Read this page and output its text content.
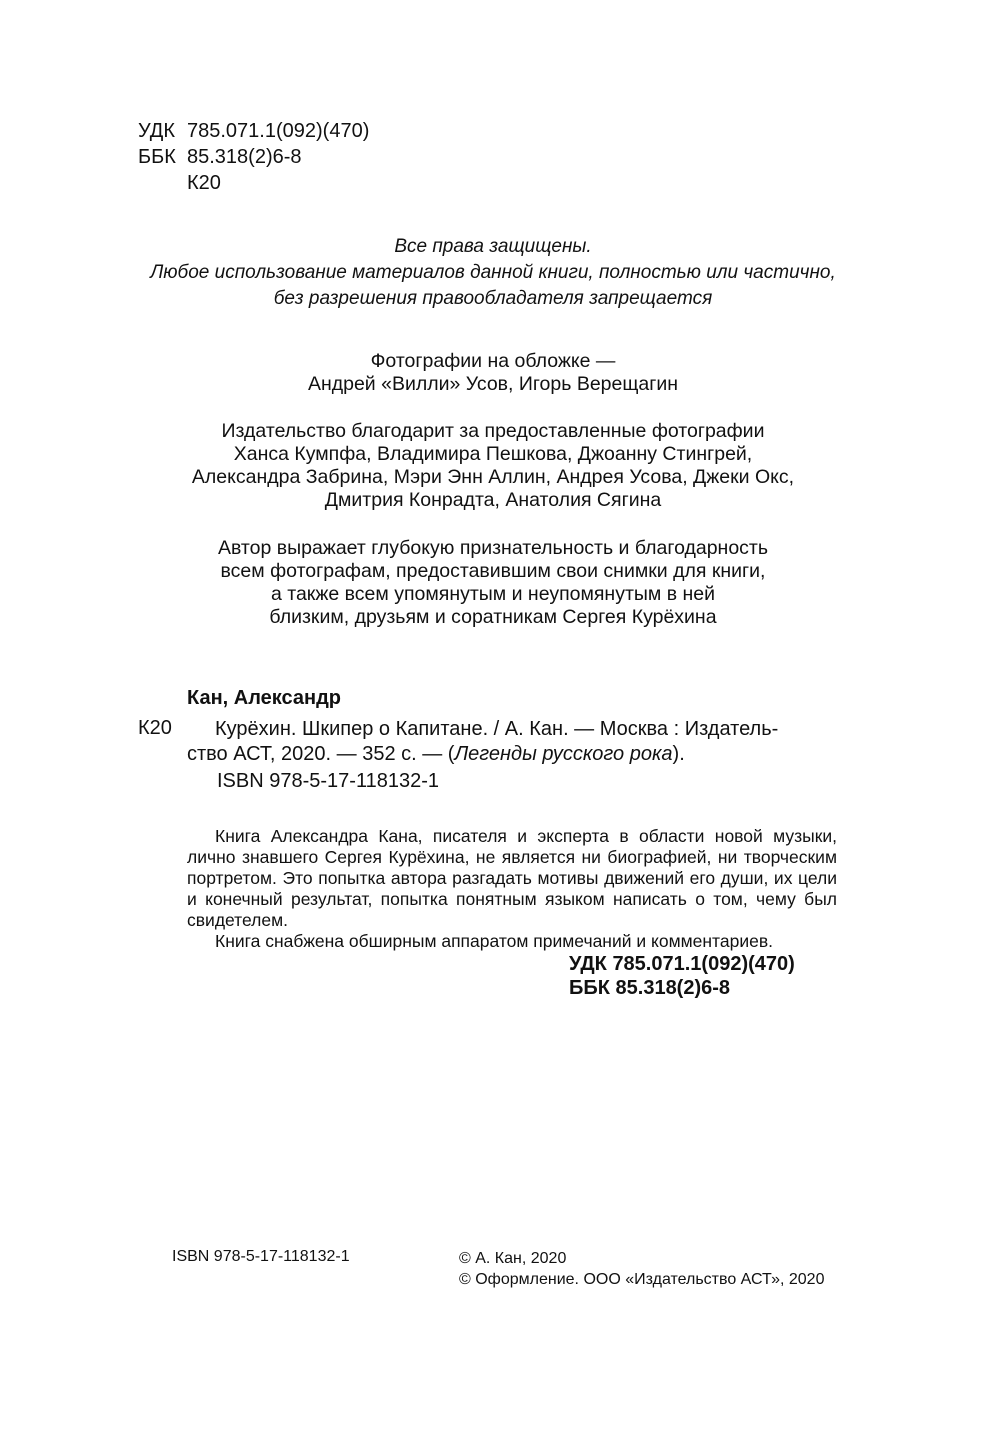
УДК 785.071.1(092)(470)
ББК 85.318(2)6-8
К20
Все права защищены.
Любое использование материалов данной книги, полностью или частично,
без разрешения правообладателя запрещается
Фотографии на обложке —
Андрей «Вилли» Усов, Игорь Верещагин
Издательство благодарит за предоставленные фотографии
Ханса Кумпфа, Владимира Пешкова, Джоанну Стингрей,
Александра Забрина, Мэри Энн Аллин, Андрея Усова, Джеки Окс,
Дмитрия Конрадта, Анатолия Сягина
Автор выражает глубокую признательность и благодарность
всем фотографам, предоставившим свои снимки для книги,
а также всем упомянутым и неупомянутым в ней
близким, друзьям и соратникам Сергея Курёхина
Кан, Александр
К20	Курёхин. Шкипер о Капитане. / А. Кан. — Москва : Издатель-
ство АСТ, 2020. — 352 с. — (Легенды русского рока).
ISBN 978-5-17-118132-1

Книга Александра Кана, писателя и эксперта в области новой музыки, лично знавшего Сергея Курёхина, не является ни биографией, ни творческим портретом. Это попытка автора разгадать мотивы движений его души, их цели и конечный результат, попытка понятным языком написать о том, чему был свидетелем.

Книга снабжена обширным аппаратом примечаний и комментариев.

УДК 785.071.1(092)(470)
ББК 85.318(2)6-8
ISBN 978-5-17-118132-1	© А. Кан, 2020
© Оформление. ООО «Издательство АСТ», 2020
